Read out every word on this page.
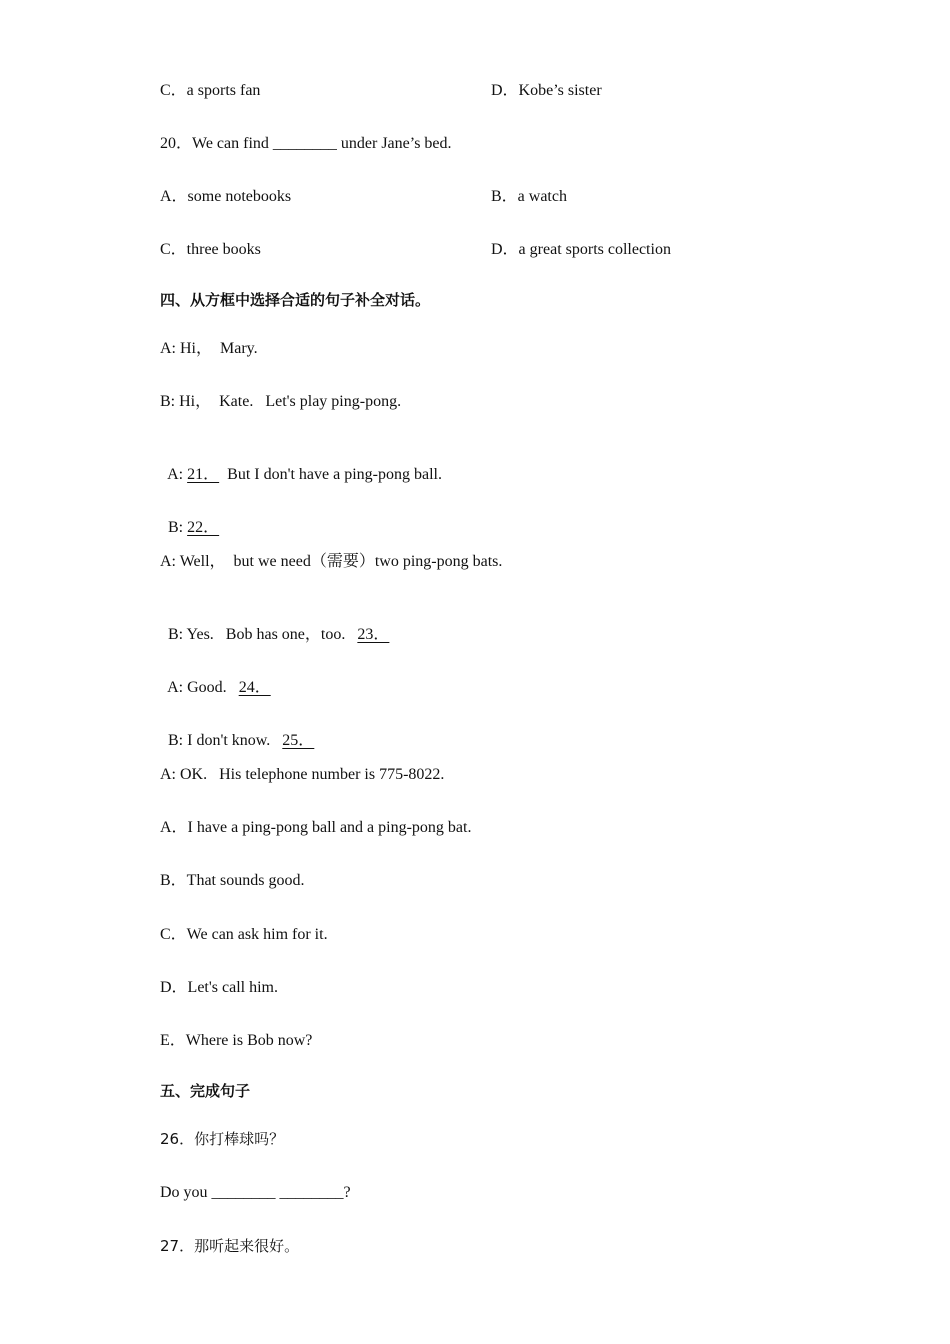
C．a sports fan	D．Kobe’s sister
20．We can find ________ under Jane’s bed.
A．some notebooks	B．a watch
C．three books	D．a great sports collection
四、从方框中选择合适的句子补全对话。
A: Hi，  Mary.
B: Hi，  Kate.   Let's play ping-pong.

A: 21．  But I don't have a ping-pong ball.

B: 22．

A: Well，  but we need（需要）two ping-pong bats.

B: Yes.   Bob has one，too.   23．

A: Good.   24．

B: I don't know.   25．

A: OK.   His telephone number is 775-8022.
A．I have a ping-pong ball and a ping-pong bat.
B．That sounds good.
C．We can ask him for it.
D．Let's call him.
E．Where is Bob now?
五、完成句子
26．你打棒球吗？
Do you ________ ________?
27．那听起来很好。
